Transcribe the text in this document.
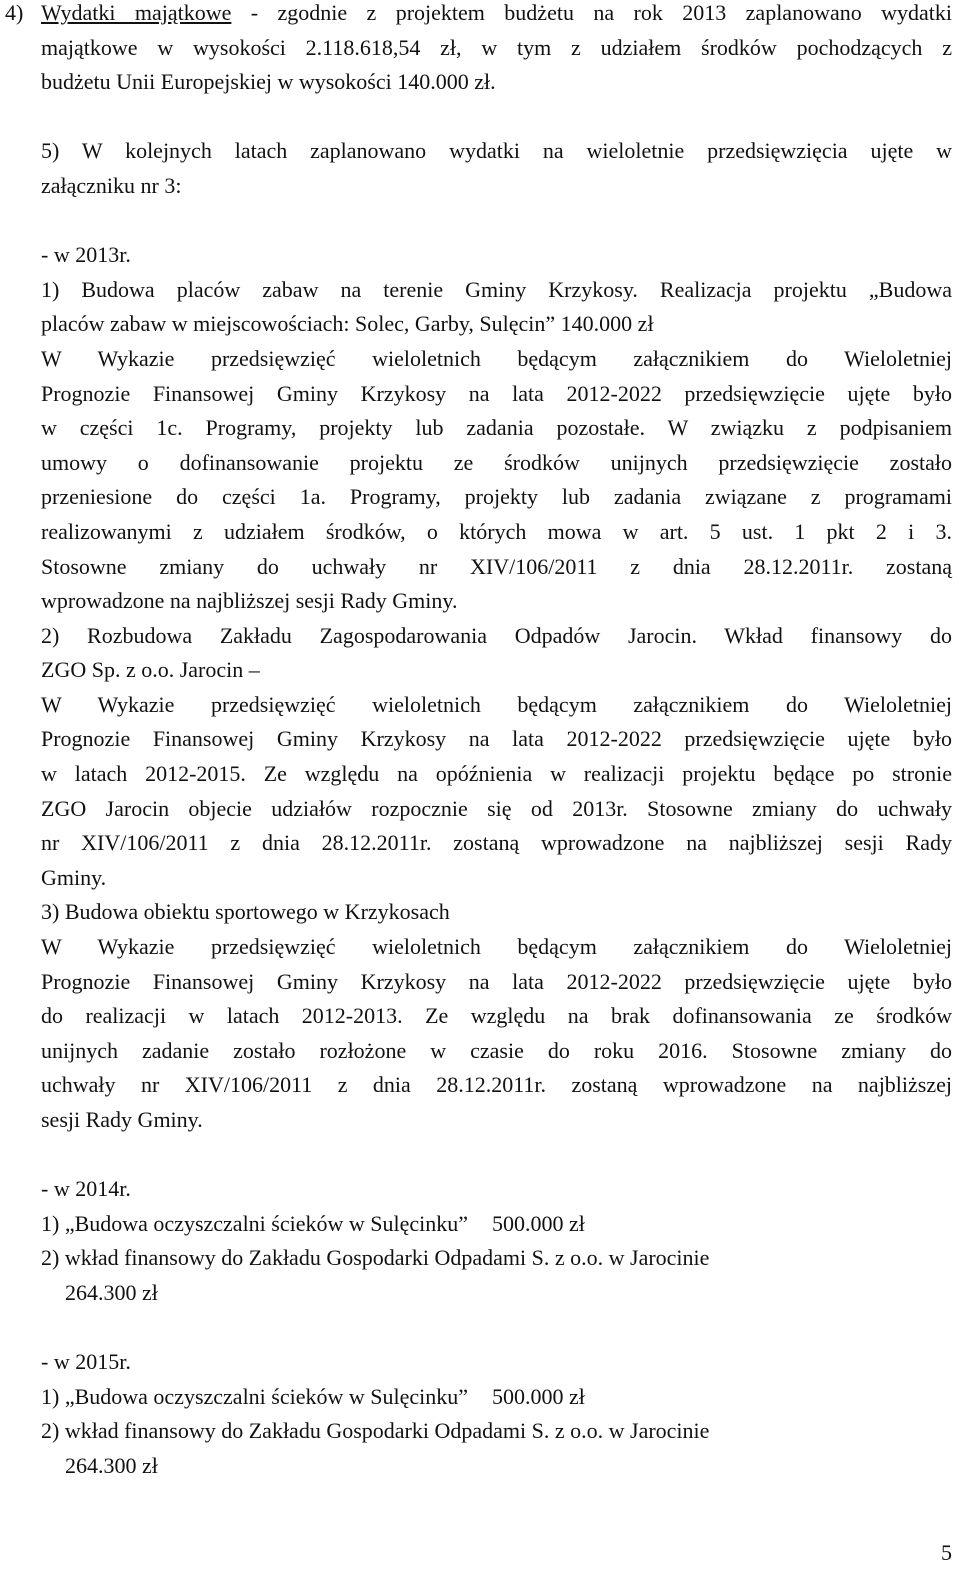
4) Wydatki majątkowe - zgodnie z projektem budżetu na rok 2013 zaplanowano wydatki

majątkowe w wysokości 2.118.618,54 zł, w tym z udziałem środków pochodzących z

budżetu Unii Europejskiej w wysokości 140.000 zł.

5) W kolejnych latach zaplanowano wydatki na wieloletnie przedsięwzięcia ujęte w

załączniku nr 3:

- w 2013r.

1) Budowa placów zabaw na terenie Gminy Krzykosy. Realizacja projektu „Budowa

placów zabaw w miejscowościach: Solec, Garby, Sulęcin” 140.000 zł

W Wykazie przedsięwzięć wieloletnich będącym załącznikiem do Wieloletniej

Prognozie Finansowej Gminy Krzykosy na lata 2012-2022 przedsięwzięcie ujęte było

w części 1c. Programy, projekty lub zadania pozostałe. W związku z podpisaniem

umowy o dofinansowanie projektu ze środków unijnych przedsięwzięcie zostało

przeniesione do części 1a. Programy, projekty lub zadania związane z programami

realizowanymi z udziałem środków, o których mowa w art. 5 ust. 1 pkt 2 i 3.

Stosowne zmiany do uchwały nr XIV/106/2011 z dnia 28.12.2011r. zostaną

wprowadzone na najbliższej sesji Rady Gminy.

2) Rozbudowa Zakładu Zagospodarowania Odpadów Jarocin. Wkład finansowy do

ZGO Sp. z o.o. Jarocin –

W Wykazie przedsięwzięć wieloletnich będącym załącznikiem do Wieloletniej

Prognozie Finansowej Gminy Krzykosy na lata 2012-2022 przedsięwzięcie ujęte było

w latach 2012-2015. Ze względu na opóźnienia w realizacji projektu będące po stronie

ZGO Jarocin objecie udziałów rozpocznie się od 2013r. Stosowne zmiany do uchwały

nr XIV/106/2011 z dnia 28.12.2011r. zostaną wprowadzone na najbliższej sesji Rady

Gminy.

3) Budowa obiektu sportowego w Krzykosach

W Wykazie przedsięwzięć wieloletnich będącym załącznikiem do Wieloletniej

Prognozie Finansowej Gminy Krzykosy na lata 2012-2022 przedsięwzięcie ujęte było

do realizacji w latach 2012-2013. Ze względu na brak dofinansowania ze środków

unijnych zadanie zostało rozłożone w czasie do roku 2016. Stosowne zmiany do

uchwały nr XIV/106/2011 z dnia 28.12.2011r. zostaną wprowadzone na najbliższej

sesji Rady Gminy.

- w 2014r.

1) „Budowa oczyszczalni ścieków w Sulęcinku” 500.000 zł

2) wkład finansowy do Zakładu Gospodarki Odpadami S. z o.o. w Jarocinie

264.300 zł

- w 2015r.

1) „Budowa oczyszczalni ścieków w Sulęcinku” 500.000 zł

2) wkład finansowy do Zakładu Gospodarki Odpadami S. z o.o. w Jarocinie

264.300 zł

5
